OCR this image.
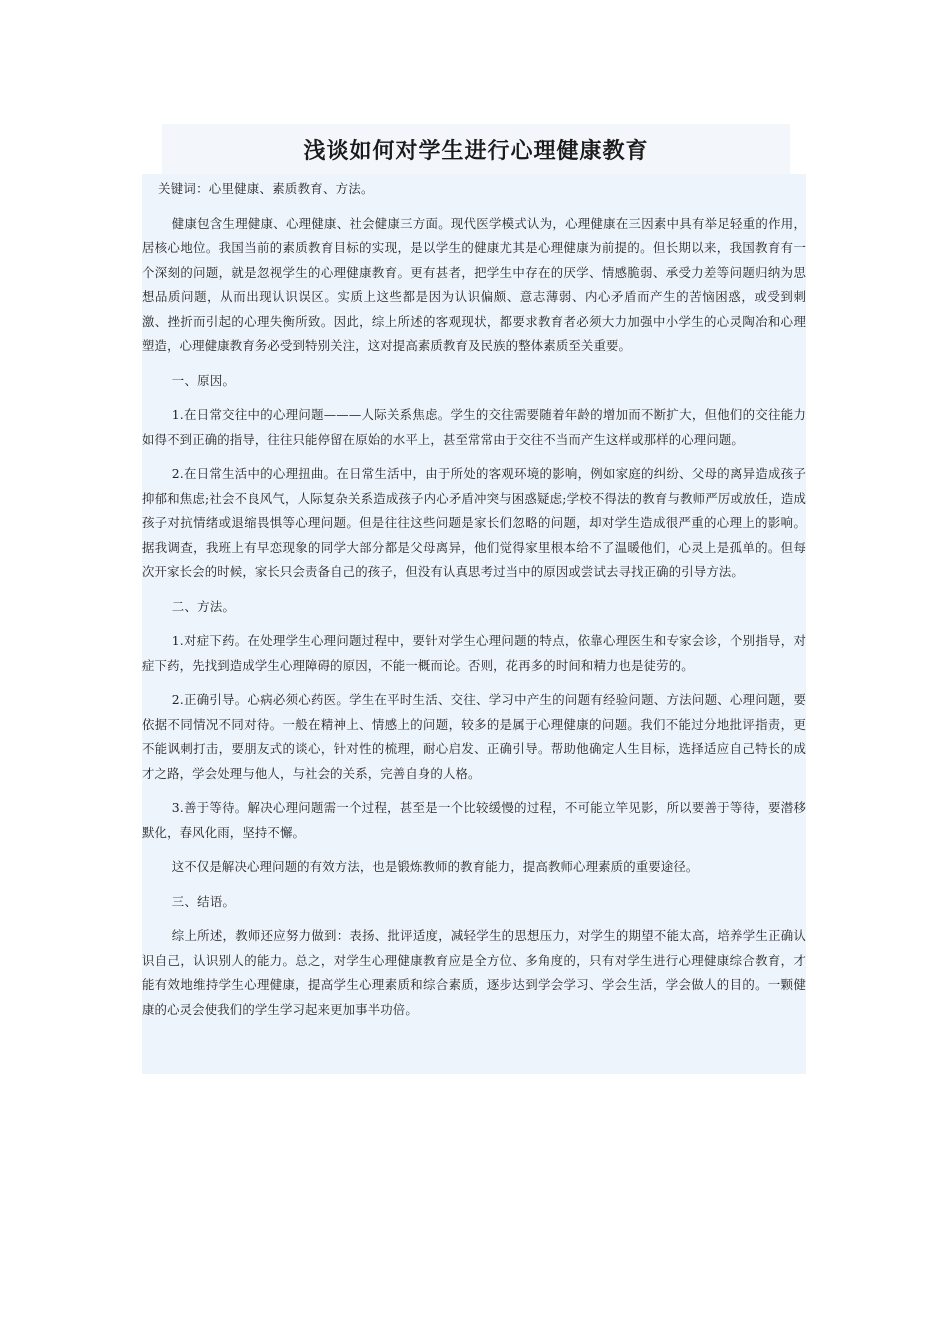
浅谈如何对学生进行心理健康教育
关键词：心里健康、素质教育、方法。
健康包含生理健康、心理健康、社会健康三方面。现代医学模式认为，心理健康在三因素中具有举足轻重的作用，居核心地位。我国当前的素质教育目标的实现，是以学生的健康尤其是心理健康为前提的。但长期以来，我国教育有一个深刻的问题，就是忽视学生的心理健康教育。更有甚者，把学生中存在的厌学、情感脆弱、承受力差等问题归纳为思想品质问题，从而出现认识误区。实质上这些都是因为认识偏颇、意志薄弱、内心矛盾而产生的苦恼困惑，或受到刺激、挫折而引起的心理失衡所致。因此，综上所述的客观现状，都要求教育者必须大力加强中小学生的心灵陶冶和心理塑造，心理健康教育务必受到特别关注，这对提高素质教育及民族的整体素质至关重要。
一、原因。
1.在日常交往中的心理问题———人际关系焦虑。学生的交往需要随着年龄的增加而不断扩大，但他们的交往能力如得不到正确的指导，往往只能停留在原始的水平上，甚至常常由于交往不当而产生这样或那样的心理问题。
2.在日常生活中的心理扭曲。在日常生活中，由于所处的客观环境的影响，例如家庭的纠纷、父母的离异造成孩子抑郁和焦虑;社会不良风气，人际复杂关系造成孩子内心矛盾冲突与困惑疑虑;学校不得法的教育与教师严厉或放任，造成孩子对抗情绪或退缩畏惧等心理问题。但是往往这些问题是家长们忽略的问题，却对学生造成很严重的心理上的影响。据我调查，我班上有早恋现象的同学大部分都是父母离异，他们觉得家里根本给不了温暖他们，心灵上是孤单的。但每次开家长会的时候，家长只会责备自己的孩子，但没有认真思考过当中的原因或尝试去寻找正确的引导方法。
二、方法。
1.对症下药。在处理学生心理问题过程中，要针对学生心理问题的特点，依靠心理医生和专家会诊，个别指导，对症下药，先找到造成学生心理障碍的原因，不能一概而论。否则，花再多的时间和精力也是徒劳的。
2.正确引导。心病必须心药医。学生在平时生活、交往、学习中产生的问题有经验问题、方法问题、心理问题，要依据不同情况不同对待。一般在精神上、情感上的问题，较多的是属于心理健康的问题。我们不能过分地批评指责，更不能讽刺打击，要朋友式的谈心，针对性的梳理，耐心启发、正确引导。帮助他确定人生目标，选择适应自己特长的成才之路，学会处理与他人，与社会的关系，完善自身的人格。
3.善于等待。解决心理问题需一个过程，甚至是一个比较缓慢的过程，不可能立竿见影，所以要善于等待，要潜移默化，春风化雨，坚持不懈。
这不仅是解决心理问题的有效方法，也是锻炼教师的教育能力，提高教师心理素质的重要途径。
三、结语。
综上所述，教师还应努力做到：表扬、批评适度，减轻学生的思想压力，对学生的期望不能太高，培养学生正确认识自己，认识别人的能力。总之，对学生心理健康教育应是全方位、多角度的，只有对学生进行心理健康综合教育，才能有效地维持学生心理健康，提高学生心理素质和综合素质，逐步达到学会学习、学会生活，学会做人的目的。一颗健康的心灵会使我们的学生学习起来更加事半功倍。
